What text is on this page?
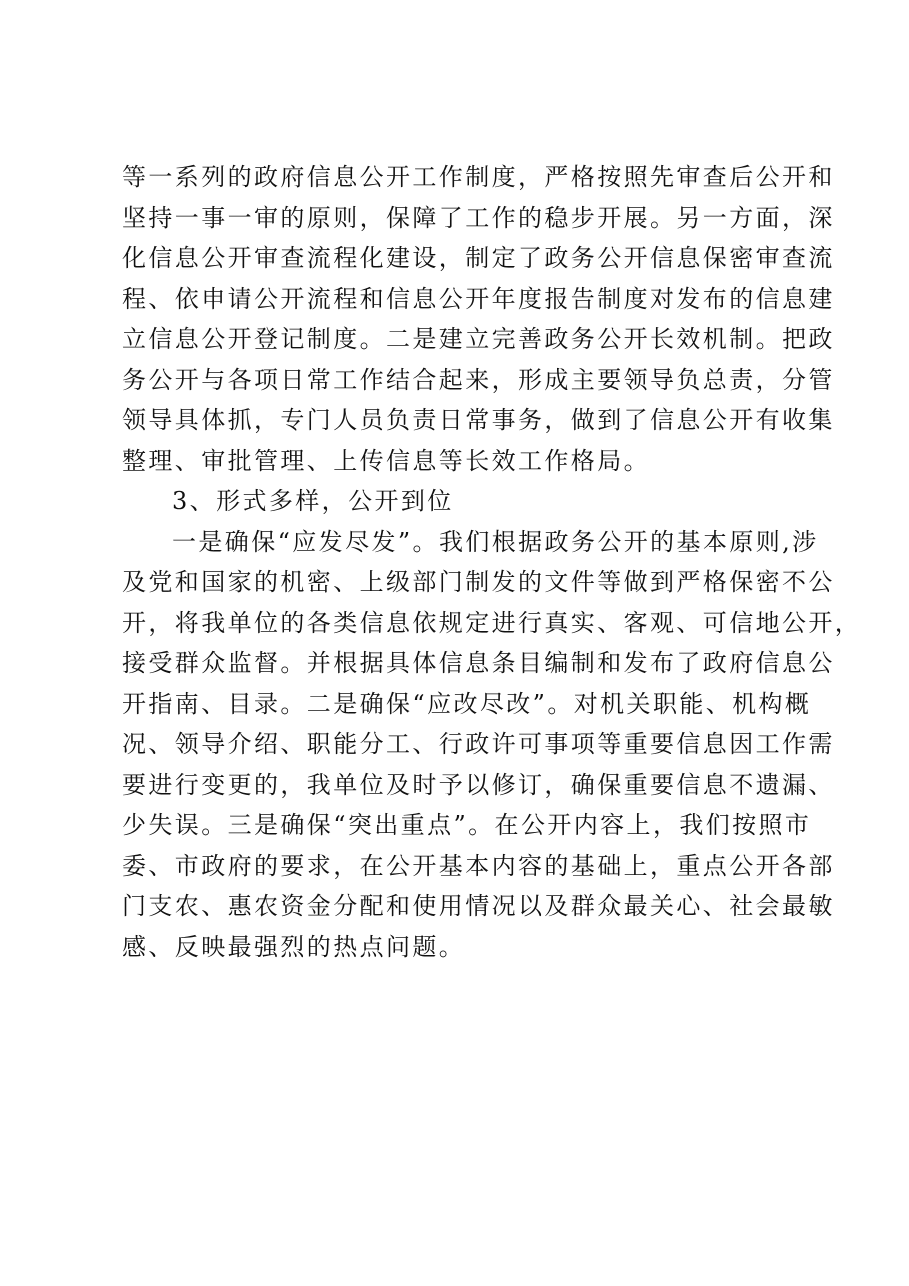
等一系列的政府信息公开工作制度，严格按照先审查后公开和
坚持一事一审的原则，保障了工作的稳步开展。另一方面，深
化信息公开审查流程化建设，制定了政务公开信息保密审查流
程、依申请公开流程和信息公开年度报告制度对发布的信息建
立信息公开登记制度。二是建立完善政务公开长效机制。把政
务公开与各项日常工作结合起来，形成主要领导负总责，分管
领导具体抓，专门人员负责日常事务，做到了信息公开有收集
整理、审批管理、上传信息等长效工作格局。
3、形式多样，公开到位
一是确保“应发尽发”。我们根据政务公开的基本原则,涉
及党和国家的机密、上级部门制发的文件等做到严格保密不公
开，将我单位的各类信息依规定进行真实、客观、可信地公开，
接受群众监督。并根据具体信息条目编制和发布了政府信息公
开指南、目录。二是确保“应改尽改”。对机关职能、机构概
况、领导介绍、职能分工、行政许可事项等重要信息因工作需
要进行变更的，我单位及时予以修订，确保重要信息不遗漏、
少失误。三是确保“突出重点”。在公开内容上，我们按照市
委、市政府的要求，在公开基本内容的基础上，重点公开各部
门支农、惠农资金分配和使用情况以及群众最关心、社会最敏
感、反映最强烈的热点问题。
